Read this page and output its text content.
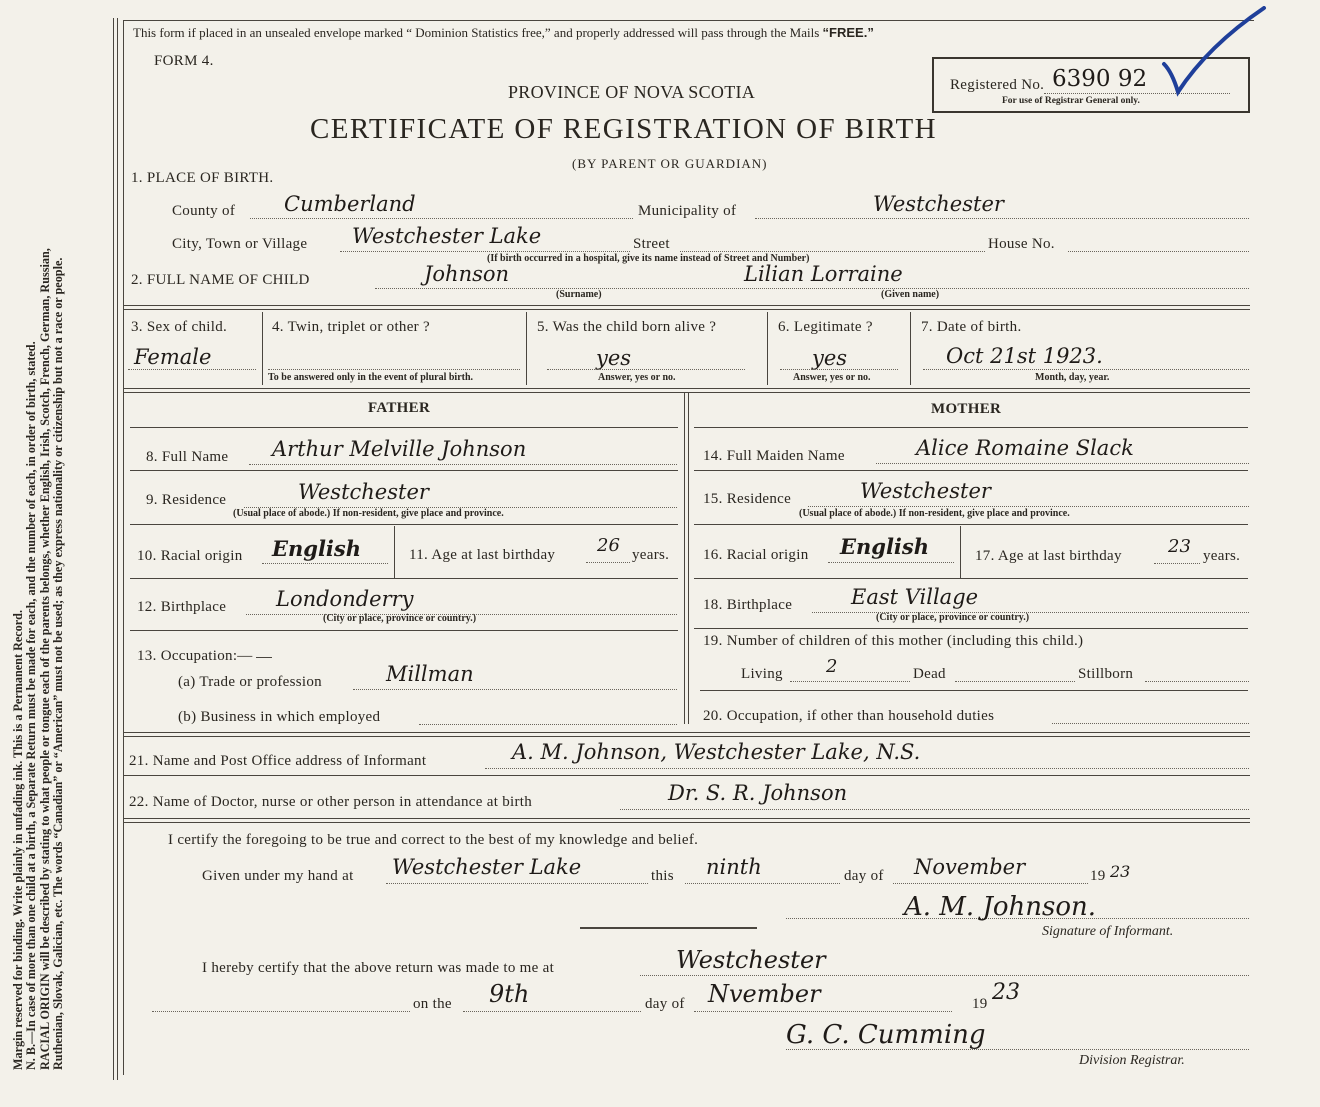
Margin reserved for binding. Write plainly in unfading ink. This is a Permanent Record. N. B.—In case of more than one child at a birth, a Separate Return must be made for each, and the number of each, in order of birth, stated. RACIAL ORIGIN will be described by stating to what people or tongue each of the parents belongs, whether English, Irish, Scotch, French, German, Russian, Ruthenian, Slovak, Galician, etc. The words “Canadian” or “American” must not be used; as they express nationality or citizenship but not a race or people.
This form if placed in an unsealed envelope marked “ Dominion Statistics free,” and properly addressed will pass through the Mails “FREE.”
FORM 4.
PROVINCE OF NOVA SCOTIA
CERTIFICATE OF REGISTRATION OF BIRTH
(BY PARENT OR GUARDIAN)
Registered No. 6390 92
For use of Registrar General only.
1. PLACE OF BIRTH.
County of Cumberland	Municipality of	Westchester
City, Town or Village Westchester Lake	Street	House No.
(If birth occurred in a hospital, give its name instead of Street and Number)
2. FULL NAME OF CHILD	Johnson	Lilian Lorraine
(Surname)	(Given name)
3. Sex of child.
Female
4. Twin, triplet or other ?
To be answered only in the event of plural birth.
5. Was the child born alive ?
yes
Answer, yes or no.
6. Legitimate ?
yes
Answer, yes or no.
7. Date of birth.
Oct 21st 1923.
Month, day, year.
FATHER	MOTHER
8. Full Name Arthur Melville Johnson
9. Residence	Westchester
(Usual place of abode.) If non-resident, give place and province.
10. Racial origin English	11. Age at last birthday 26 years.
12. Birthplace Londonderry
(City or place, province or country.)
13. Occupation:—
(a) Trade or profession	Millman
(b) Business in which employed
14. Full Maiden Name	Alice Romaine Slack
15. Residence	Westchester
(Usual place of abode.) If non-resident, give place and province.
16. Racial origin English	17. Age at last birthday	23 years.
18. Birthplace	East Village
(City or place, province or country.)
19. Number of children of this mother (including this child.)
Living 2	Dead	Stillborn
20. Occupation, if other than household duties
21. Name and Post Office address of Informant	A. M. Johnson, Westchester Lake, N.S.
22. Name of Doctor, nurse or other person in attendance at birth	Dr. S. R. Johnson
I certify the foregoing to be true and correct to the best of my knowledge and belief.
Given under my hand at Westchester Lake	this ninth	day of November	19 23
A. M. Johnson.
Signature of Informant.
I hereby certify that the above return was made to me at	Westchester
on the 9th	day of Nvember	19 23
G. C. Cumming
Division Registrar.
